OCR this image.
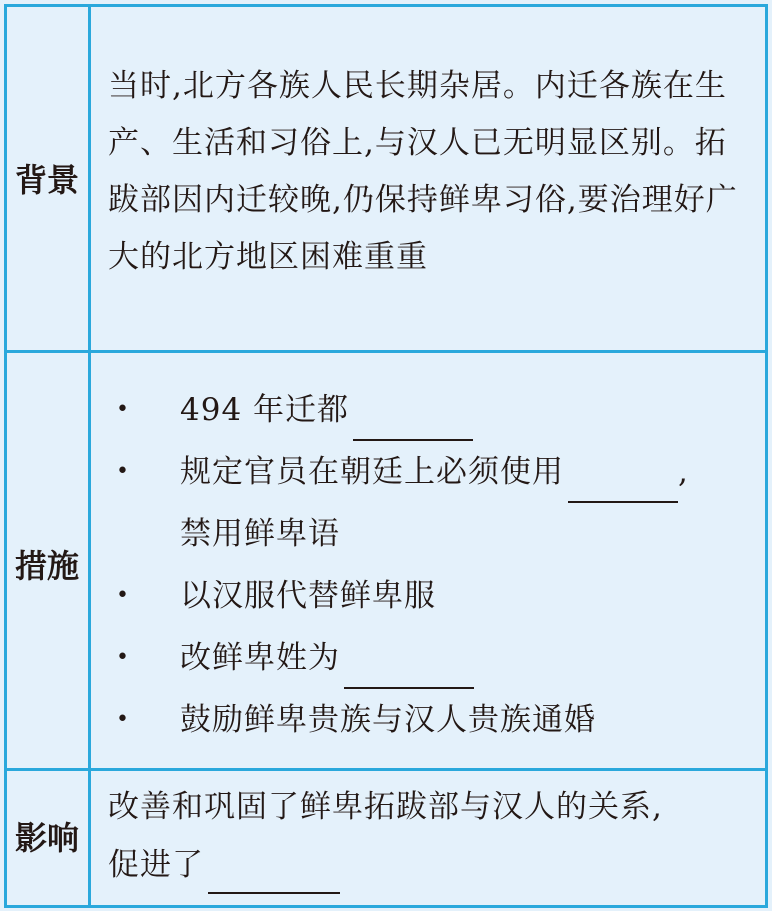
背景
当时,北方各族人民长期杂居。内迁各族在生产、生活和习俗上,与汉人已无明显区别。拓跋部因内迁较晚,仍保持鲜卑习俗,要治理好广大的北方地区困难重重
措施
• 494 年迁都
• 规定官员在朝廷上必须使用	,
禁用鲜卑语
• 以汉服代替鲜卑服
• 改鲜卑姓为
• 鼓励鲜卑贵族与汉人贵族通婚
影响
改善和巩固了鲜卑拓跋部与汉人的关系,
促进了
